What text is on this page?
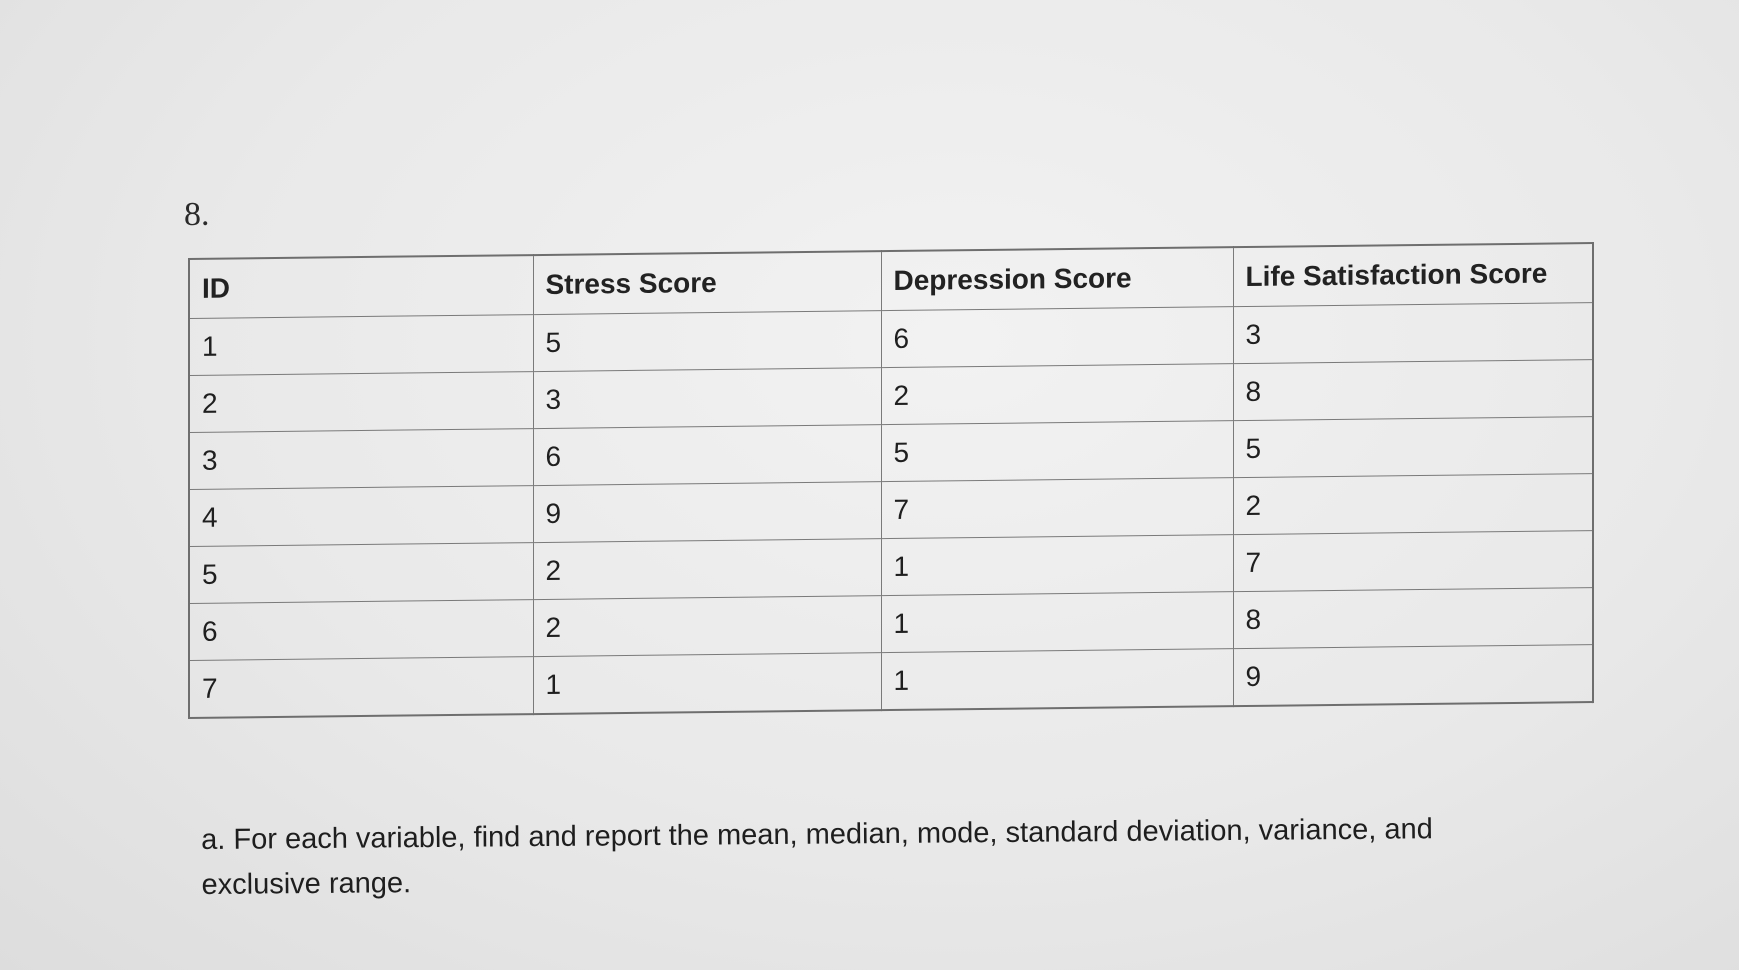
8.

ID	Stress Score	Depression Score	Life Satisfaction Score
1	5	6	3
2	3	2	8
3	6	5	5
4	9	7	2
5	2	1	7
6	2	1	8
7	1	1	9

a. For each variable, find and report the mean, median, mode, standard deviation, variance, and exclusive range.
